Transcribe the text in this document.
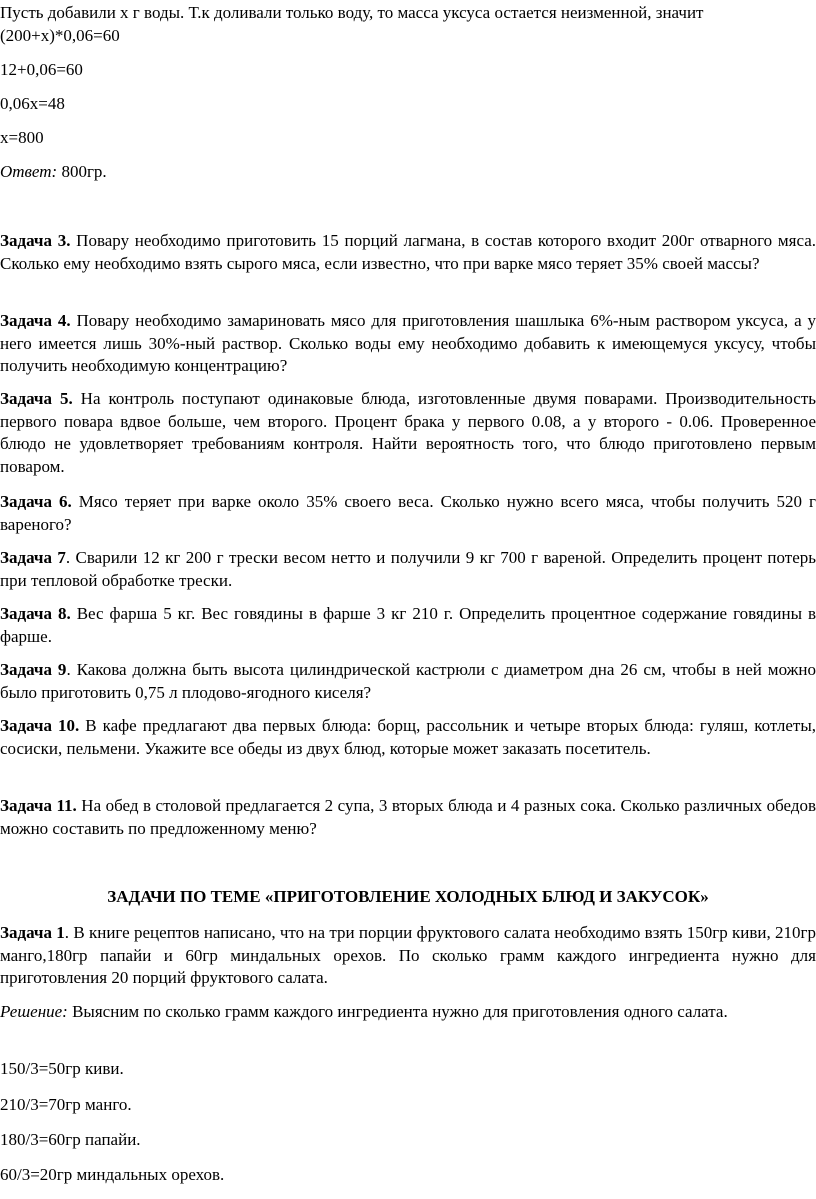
Пусть добавили х г воды. Т.к доливали только воду, то масса уксуса остается неизменной, значит
(200+х)*0,06=60
12+0,06=60
0,06х=48
х=800
Ответ: 800гр.
Задача 3. Повару необходимо приготовить 15 порций лагмана, в состав которого входит 200г отварного мяса. Сколько ему необходимо взять сырого мяса, если известно, что при варке мясо теряет 35% своей массы?
Задача 4. Повару необходимо замариновать мясо для приготовления шашлыка 6%-ным раствором уксуса, а у него имеется лишь 30%-ный раствор. Сколько воды ему необходимо добавить к имеющемуся уксусу, чтобы получить необходимую концентрацию?
Задача 5. На контроль поступают одинаковые блюда, изготовленные двумя поварами. Производительность первого повара вдвое больше, чем второго. Процент брака у первого 0.08, а у второго - 0.06. Проверенное блюдо не удовлетворяет требованиям контроля. Найти вероятность того, что блюдо приготовлено первым поваром.
Задача 6. Мясо теряет при варке около 35% своего веса. Сколько нужно всего мяса, чтобы получить 520 г вареного?
Задача 7. Сварили 12 кг 200 г трески весом нетто и получили 9 кг 700 г вареной. Определить процент потерь при тепловой обработке трески.
Задача 8. Вес фарша 5 кг. Вес говядины в фарше 3 кг 210 г. Определить процентное содержание говядины в фарше.
Задача 9. Какова должна быть высота цилиндрической кастрюли с диаметром дна 26 см, чтобы в ней можно было приготовить 0,75 л плодово-ягодного киселя?
Задача 10. В кафе предлагают два первых блюда: борщ, рассольник и четыре вторых блюда: гуляш, котлеты, сосиски, пельмени. Укажите все обеды из двух блюд, которые может заказать посетитель.
Задача 11. На обед в столовой предлагается 2 супа, 3 вторых блюда и 4 разных сока. Сколько различных обедов можно составить по предложенному меню?
ЗАДАЧИ ПО ТЕМЕ «ПРИГОТОВЛЕНИЕ ХОЛОДНЫХ БЛЮД И ЗАКУСОК»
Задача 1. В книге рецептов написано, что на три порции фруктового салата необходимо взять 150гр киви, 210гр манго,180гр папайи и 60гр миндальных орехов. По сколько грамм каждого ингредиента нужно для приготовления 20 порций фруктового салата.
Решение: Выясним по сколько грамм каждого ингредиента нужно для приготовления одного салата.
150/3=50гр киви.
210/3=70гр манго.
180/3=60гр папайи.
60/3=20гр миндальных орехов.
